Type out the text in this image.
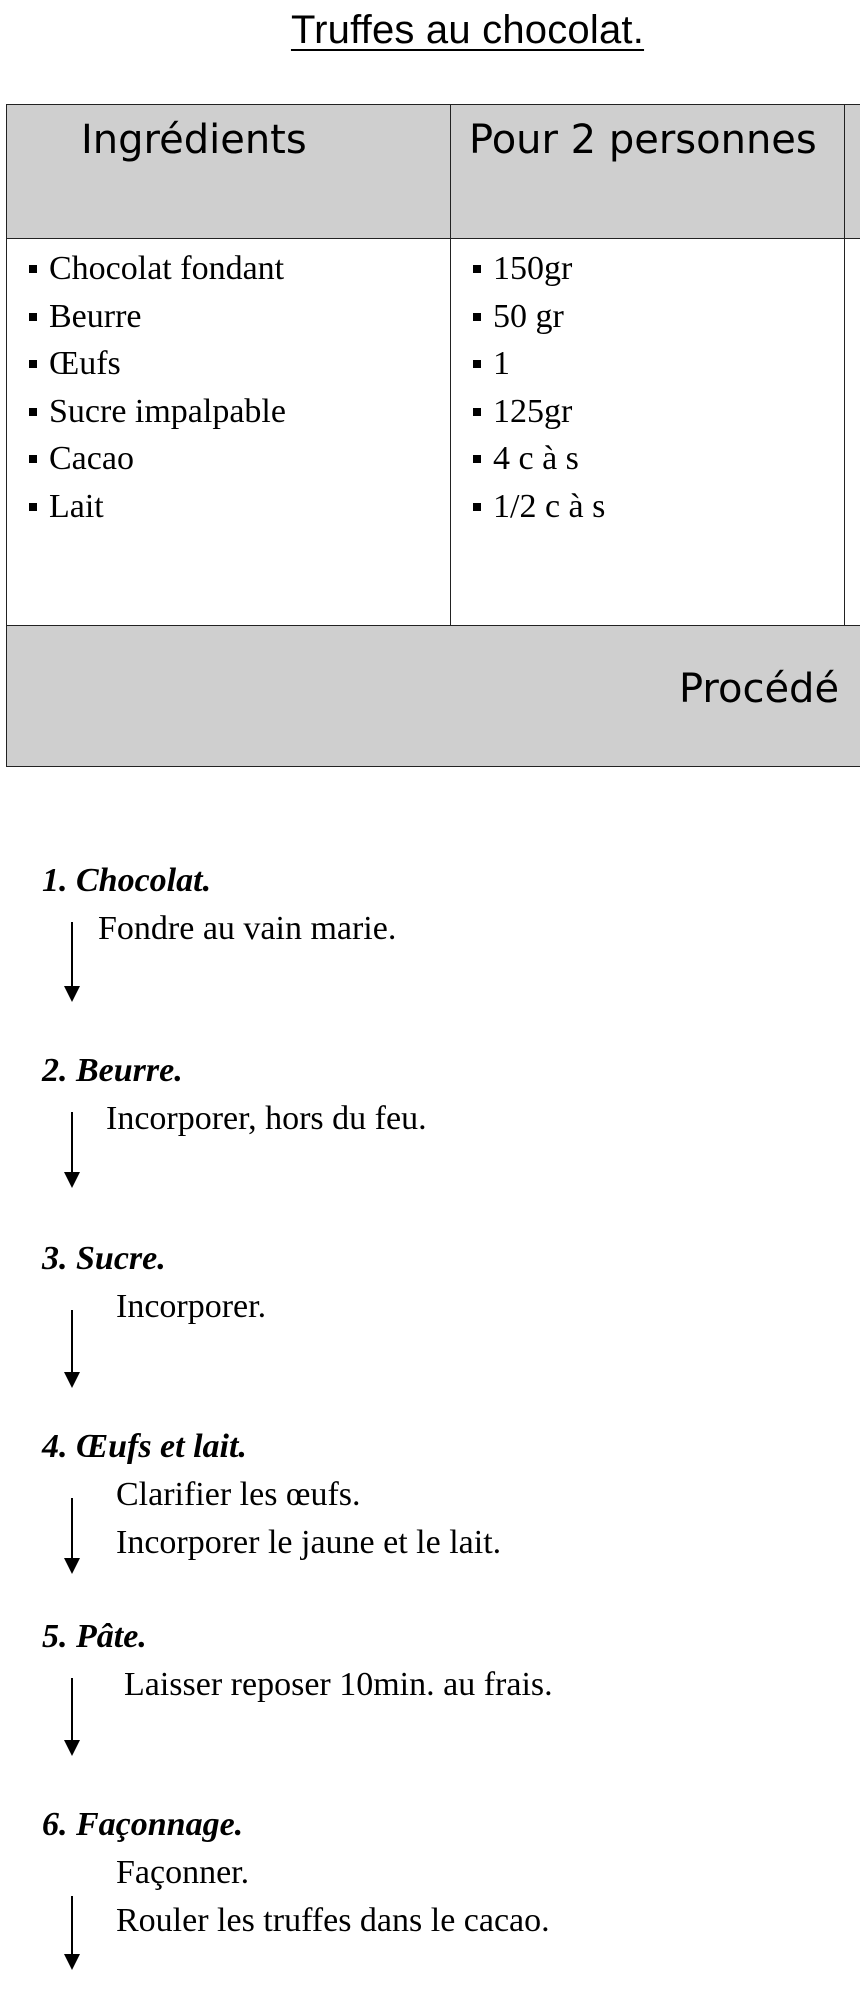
Truffes au chocolat.
Ingrédients	Pour 2 personnes
Chocolat fondant
Beurre
Œufs
Sucre impalpable
Cacao
Lait
150gr
50 gr
1
125gr
4 c à s
1/2 c à s
Procédé
1. Chocolat.
Fondre au vain marie.
2. Beurre.
Incorporer, hors du feu.
3. Sucre.
Incorporer.
4. Œufs et lait.
Clarifier les œufs.
Incorporer le jaune et le lait.
5. Pâte.
Laisser reposer 10min. au frais.
6. Façonnage.
Façonner.
Rouler les truffes dans le cacao.
